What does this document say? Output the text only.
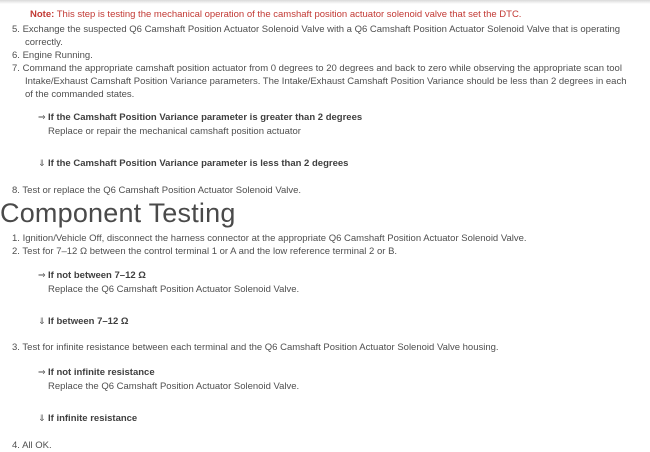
Note: This step is testing the mechanical operation of the camshaft position actuator solenoid valve that set the DTC.

5. Exchange the suspected Q6 Camshaft Position Actuator Solenoid Valve with a Q6 Camshaft Position Actuator Solenoid Valve that is operating correctly.
6. Engine Running.
7. Command the appropriate camshaft position actuator from 0 degrees to 20 degrees and back to zero while observing the appropriate scan tool Intake/Exhaust Camshaft Position Variance parameters. The Intake/Exhaust Camshaft Position Variance should be less than 2 degrees in each of the commanded states.
⇒ If the Camshaft Position Variance parameter is greater than 2 degrees
Replace or repair the mechanical camshaft position actuator
⇓ If the Camshaft Position Variance parameter is less than 2 degrees
8. Test or replace the Q6 Camshaft Position Actuator Solenoid Valve.
Component Testing
1. Ignition/Vehicle Off, disconnect the harness connector at the appropriate Q6 Camshaft Position Actuator Solenoid Valve.
2. Test for 7–12 Ω between the control terminal 1 or A and the low reference terminal 2 or B.
⇒ If not between 7–12 Ω
Replace the Q6 Camshaft Position Actuator Solenoid Valve.
⇓ If between 7–12 Ω
3. Test for infinite resistance between each terminal and the Q6 Camshaft Position Actuator Solenoid Valve housing.
⇒ If not infinite resistance
Replace the Q6 Camshaft Position Actuator Solenoid Valve.
⇓ If infinite resistance
4. All OK.
